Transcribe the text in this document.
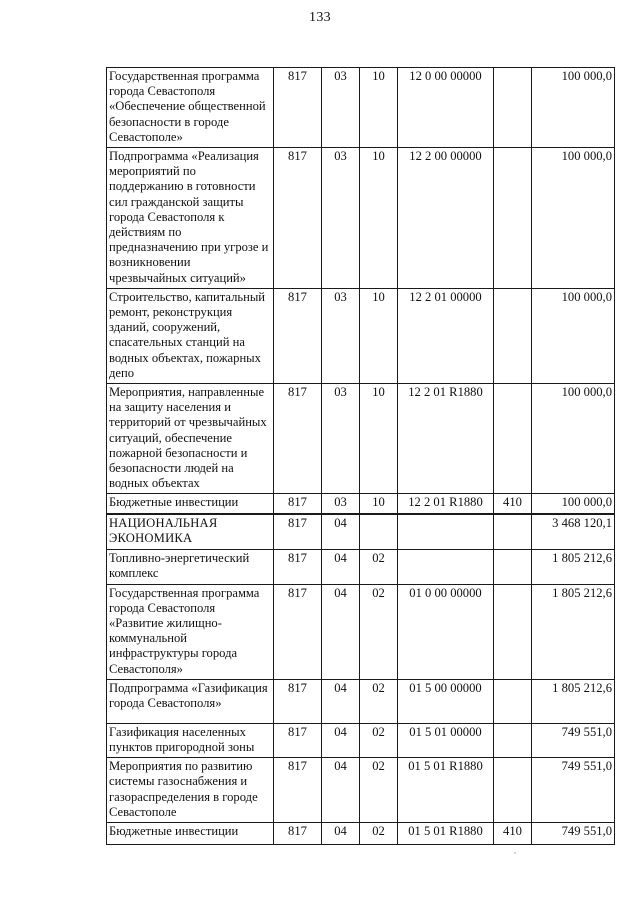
133
Государственная программа города Севастополя «Обеспечение общественной безопасности в городе Севастополе»	817	03	10	12 0 00 00000		100 000,0
Подпрограмма «Реализация мероприятий по поддержанию в готовности сил гражданской защиты города Севастополя к действиям по предназначению при угрозе и возникновении чрезвычайных ситуаций»	817	03	10	12 2 00 00000		100 000,0
Строительство, капитальный ремонт, реконструкция зданий, сооружений, спасательных станций на водных объектах, пожарных депо	817	03	10	12 2 01 00000		100 000,0
Мероприятия, направленные на защиту населения и территорий от чрезвычайных ситуаций, обеспечение пожарной безопасности и безопасности людей на водных объектах	817	03	10	12 2 01 R1880		100 000,0
Бюджетные инвестиции	817	03	10	12 2 01 R1880	410	100 000,0
НАЦИОНАЛЬНАЯ ЭКОНОМИКА	817	04				3 468 120,1
Топливно-энергетический комплекс	817	04	02			1 805 212,6
Государственная программа города Севастополя «Развитие жилищно-коммунальной инфраструктуры города Севастополя»	817	04	02	01 0 00 00000		1 805 212,6
Подпрограмма «Газификация города Севастополя»	817	04	02	01 5 00 00000		1 805 212,6
Газификация населенных пунктов пригородной зоны	817	04	02	01 5 01 00000		749 551,0
Мероприятия по развитию системы газоснабжения и газораспределения в городе Севастополе	817	04	02	01 5 01 R1880		749 551,0
Бюджетные инвестиции	817	04	02	01 5 01 R1880	410	749 551,0
